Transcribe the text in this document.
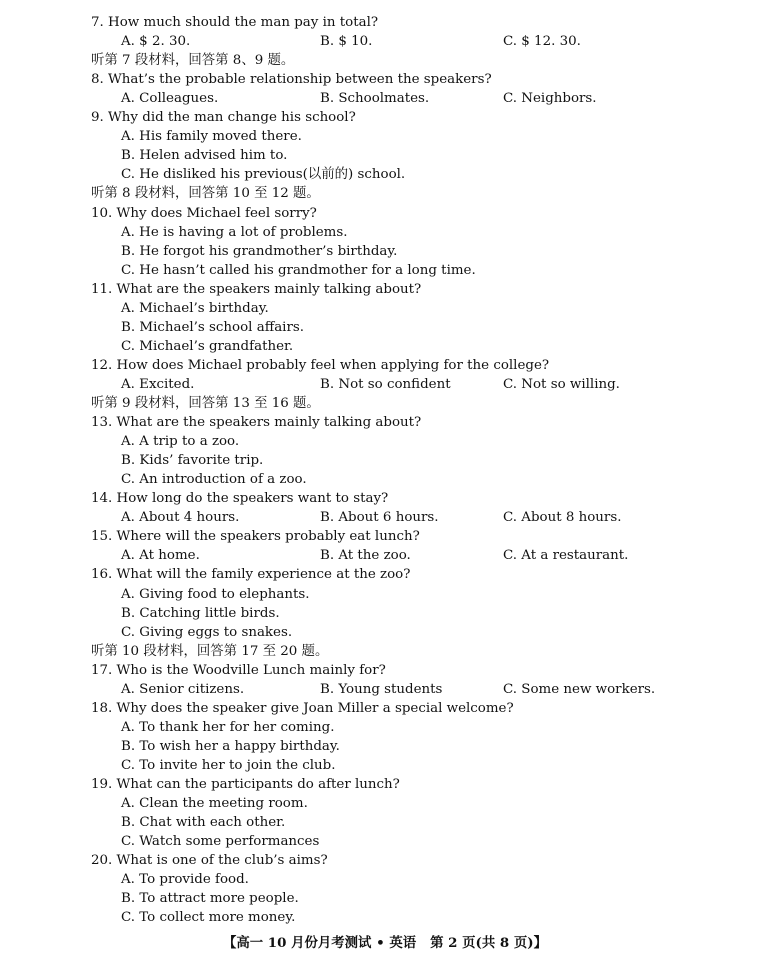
7. How much should the man pay in total?
A. $ 2. 30.	B. $ 10.	C. $ 12. 30.
听第 7 段材料，回答第 8、9 题。
8. What’s the probable relationship between the speakers?
A. Colleagues.	B. Schoolmates.	C. Neighbors.
9. Why did the man change his school?
A. His family moved there.
B. Helen advised him to.
C. He disliked his previous(以前的) school.
听第 8 段材料，回答第 10 至 12 题。
10. Why does Michael feel sorry?
A. He is having a lot of problems.
B. He forgot his grandmother’s birthday.
C. He hasn’t called his grandmother for a long time.
11. What are the speakers mainly talking about?
A. Michael’s birthday.
B. Michael’s school affairs.
C. Michael’s grandfather.
12. How does Michael probably feel when applying for the college?
A. Excited.	B. Not so confident	C. Not so willing.
听第 9 段材料，回答第 13 至 16 题。
13. What are the speakers mainly talking about?
A. A trip to a zoo.
B. Kids’ favorite trip.
C. An introduction of a zoo.
14. How long do the speakers want to stay?
A. About 4 hours.	B. About 6 hours.	C. About 8 hours.
15. Where will the speakers probably eat lunch?
A. At home.	B. At the zoo.	C. At a restaurant.
16. What will the family experience at the zoo?
A. Giving food to elephants.
B. Catching little birds.
C. Giving eggs to snakes.
听第 10 段材料，回答第 17 至 20 题。
17. Who is the Woodville Lunch mainly for?
A. Senior citizens.	B. Young students	C. Some new workers.
18. Why does the speaker give Joan Miller a special welcome?
A. To thank her for her coming.
B. To wish her a happy birthday.
C. To invite her to join the club.
19. What can the participants do after lunch?
A. Clean the meeting room.
B. Chat with each other.
C. Watch some performances
20. What is one of the club’s aims?
A. To provide food.
B. To attract more people.
C. To collect more money.
【高一 10 月份月考测试 • 英语 第 2 页(共 8 页)】
